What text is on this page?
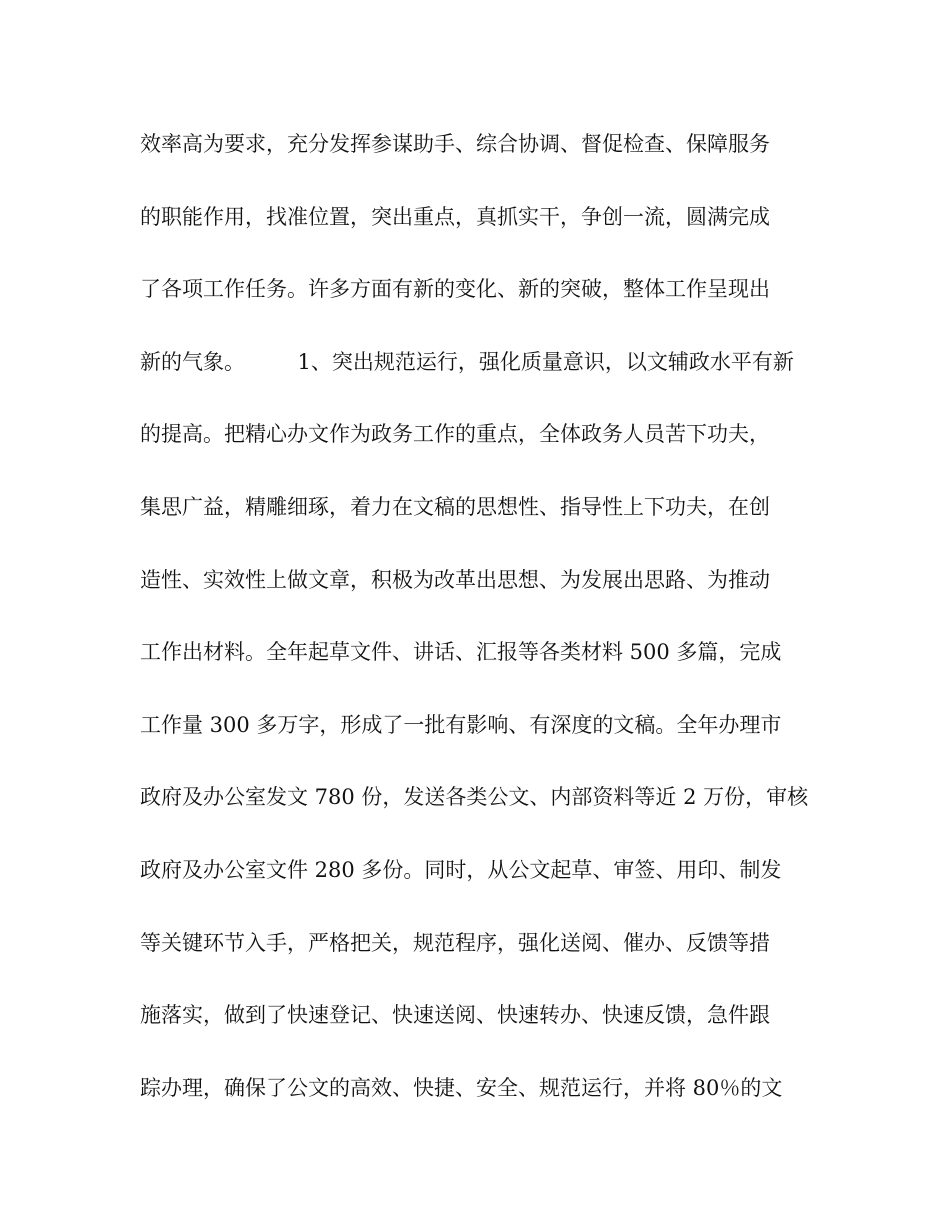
效率高为要求，充分发挥参谋助手、综合协调、督促检查、保障服务
的职能作用，找准位置，突出重点，真抓实干，争创一流，圆满完成
了各项工作任务。许多方面有新的变化、新的突破，整体工作呈现出
新的气象。　　　1、突出规范运行，强化质量意识，以文辅政水平有新
的提高。把精心办文作为政务工作的重点，全体政务人员苦下功夫，
集思广益，精雕细琢，着力在文稿的思想性、指导性上下功夫，在创
造性、实效性上做文章，积极为改革出思想、为发展出思路、为推动
工作出材料。全年起草文件、讲话、汇报等各类材料 500 多篇，完成
工作量 300 多万字，形成了一批有影响、有深度的文稿。全年办理市
政府及办公室发文 780 份，发送各类公文、内部资料等近 2 万份，审核
政府及办公室文件 280 多份。同时，从公文起草、审签、用印、制发
等关键环节入手，严格把关，规范程序，强化送阅、催办、反馈等措
施落实，做到了快速登记、快速送阅、快速转办、快速反馈，急件跟
踪办理，确保了公文的高效、快捷、安全、规范运行，并将 80％的文
